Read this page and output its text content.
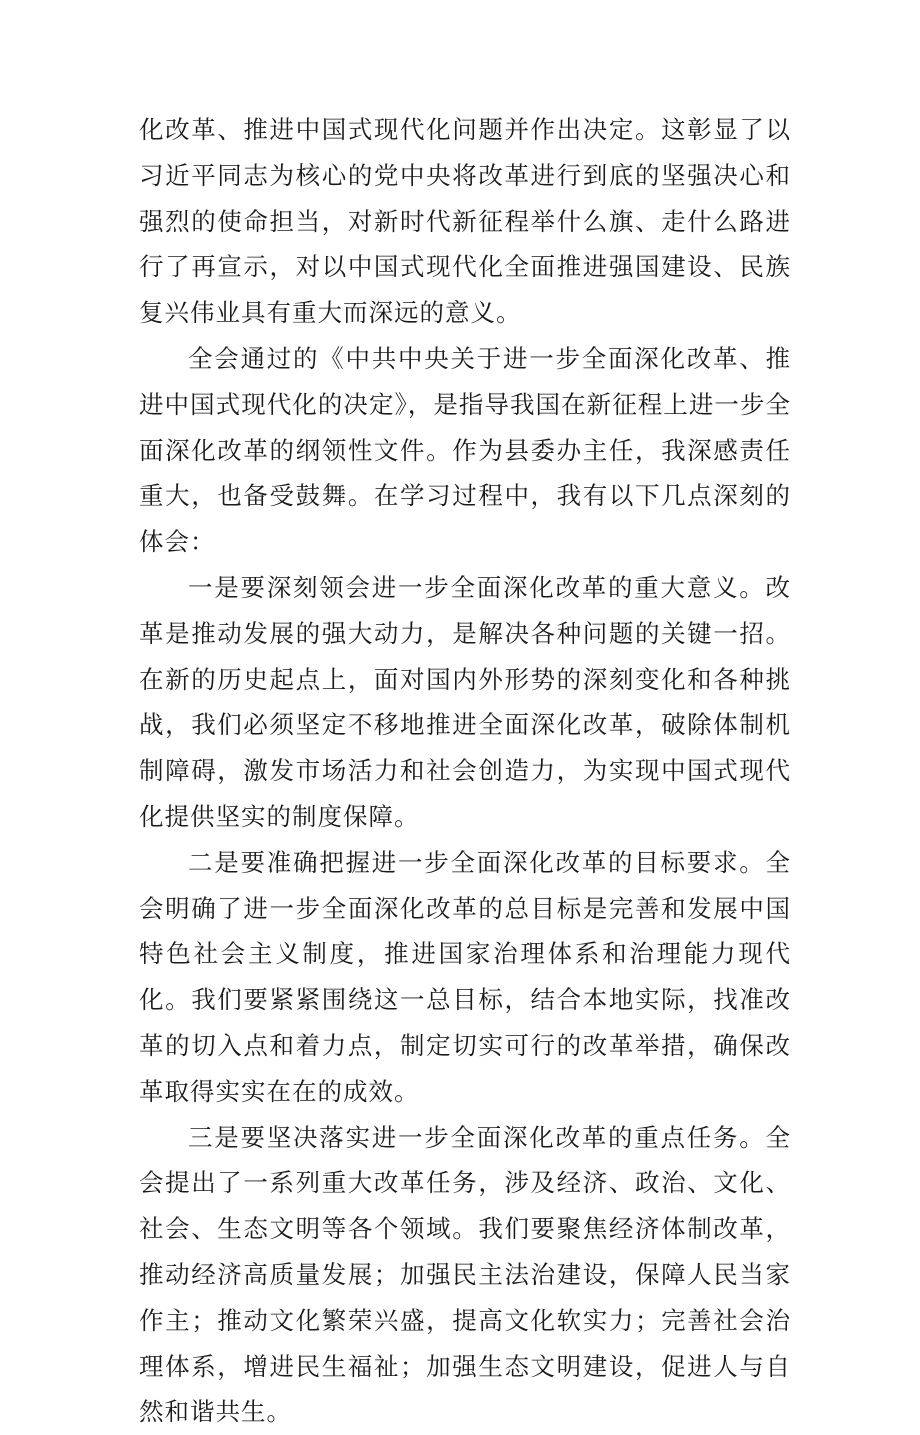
化改革、推进中国式现代化问题并作出决定。这彰显了以习近平同志为核心的党中央将改革进行到底的坚强决心和强烈的使命担当，对新时代新征程举什么旗、走什么路进行了再宣示，对以中国式现代化全面推进强国建设、民族复兴伟业具有重大而深远的意义。

全会通过的《中共中央关于进一步全面深化改革、推进中国式现代化的决定》，是指导我国在新征程上进一步全面深化改革的纲领性文件。作为县委办主任，我深感责任重大，也备受鼓舞。在学习过程中，我有以下几点深刻的体会：

一是要深刻领会进一步全面深化改革的重大意义。改革是推动发展的强大动力，是解决各种问题的关键一招。在新的历史起点上，面对国内外形势的深刻变化和各种挑战，我们必须坚定不移地推进全面深化改革，破除体制机制障碍，激发市场活力和社会创造力，为实现中国式现代化提供坚实的制度保障。

二是要准确把握进一步全面深化改革的目标要求。全会明确了进一步全面深化改革的总目标是完善和发展中国特色社会主义制度，推进国家治理体系和治理能力现代化。我们要紧紧围绕这一总目标，结合本地实际，找准改革的切入点和着力点，制定切实可行的改革举措，确保改革取得实实在在的成效。

三是要坚决落实进一步全面深化改革的重点任务。全会提出了一系列重大改革任务，涉及经济、政治、文化、社会、生态文明等各个领域。我们要聚焦经济体制改革，推动经济高质量发展；加强民主法治建设，保障人民当家作主；推动文化繁荣兴盛，提高文化软实力；完善社会治理体系，增进民生福祉；加强生态文明建设，促进人与自然和谐共生。
